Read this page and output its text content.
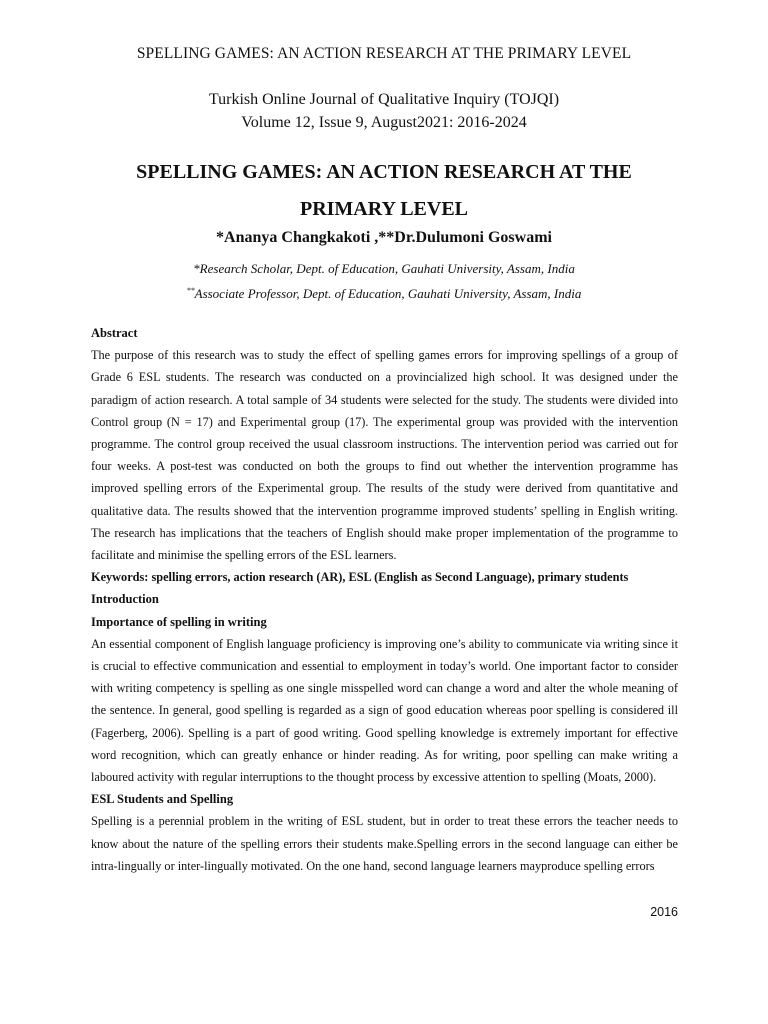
SPELLING GAMES: AN ACTION RESEARCH AT THE PRIMARY LEVEL
Turkish Online Journal of Qualitative Inquiry (TOJQI)
Volume 12, Issue 9, August2021: 2016-2024
SPELLING GAMES: AN ACTION RESEARCH AT THE
PRIMARY LEVEL
*Ananya Changkakoti ,**Dr.Dulumoni Goswami
*Research Scholar, Dept. of Education, Gauhati University, Assam, India
**Associate Professor, Dept. of Education, Gauhati University, Assam, India

Abstract

The purpose of this research was to study the effect of spelling games errors for improving spellings of a group of Grade 6 ESL students. The research was conducted on a provincialized high school. It was designed under the paradigm of action research. A total sample of 34 students were selected for the study. The students were divided into Control group (N = 17) and Experimental group (17). The experimental group was provided with the intervention programme. The control group received the usual classroom instructions. The intervention period was carried out for four weeks. A post-test was conducted on both the groups to find out whether the intervention programme has improved spelling errors of the Experimental group. The results of the study were derived from quantitative and qualitative data. The results showed that the intervention programme improved students’ spelling in English writing. The research has implications that the teachers of English should make proper implementation of the programme to facilitate and minimise the spelling errors of the ESL learners.

Keywords: spelling errors, action research (AR), ESL (English as Second Language), primary students

Introduction

Importance of spelling in writing

An essential component of English language proficiency is improving one’s ability to communicate via writing since it is crucial to effective communication and essential to employment in today’s world. One important factor to consider with writing competency is spelling as one single misspelled word can change a word and alter the whole meaning of the sentence. In general, good spelling is regarded as a sign of good education whereas poor spelling is considered ill (Fagerberg, 2006). Spelling is a part of good writing. Good spelling knowledge is extremely important for effective word recognition, which can greatly enhance or hinder reading. As for writing, poor spelling can make writing a laboured activity with regular interruptions to the thought process by excessive attention to spelling (Moats, 2000).

ESL Students and Spelling

Spelling is a perennial problem in the writing of ESL student, but in order to treat these errors the teacher needs to know about the nature of the spelling errors their students make.Spelling errors in the second language can either be intra-lingually or inter-lingually motivated. On the one hand, second language learners mayproduce spelling errors

2016
